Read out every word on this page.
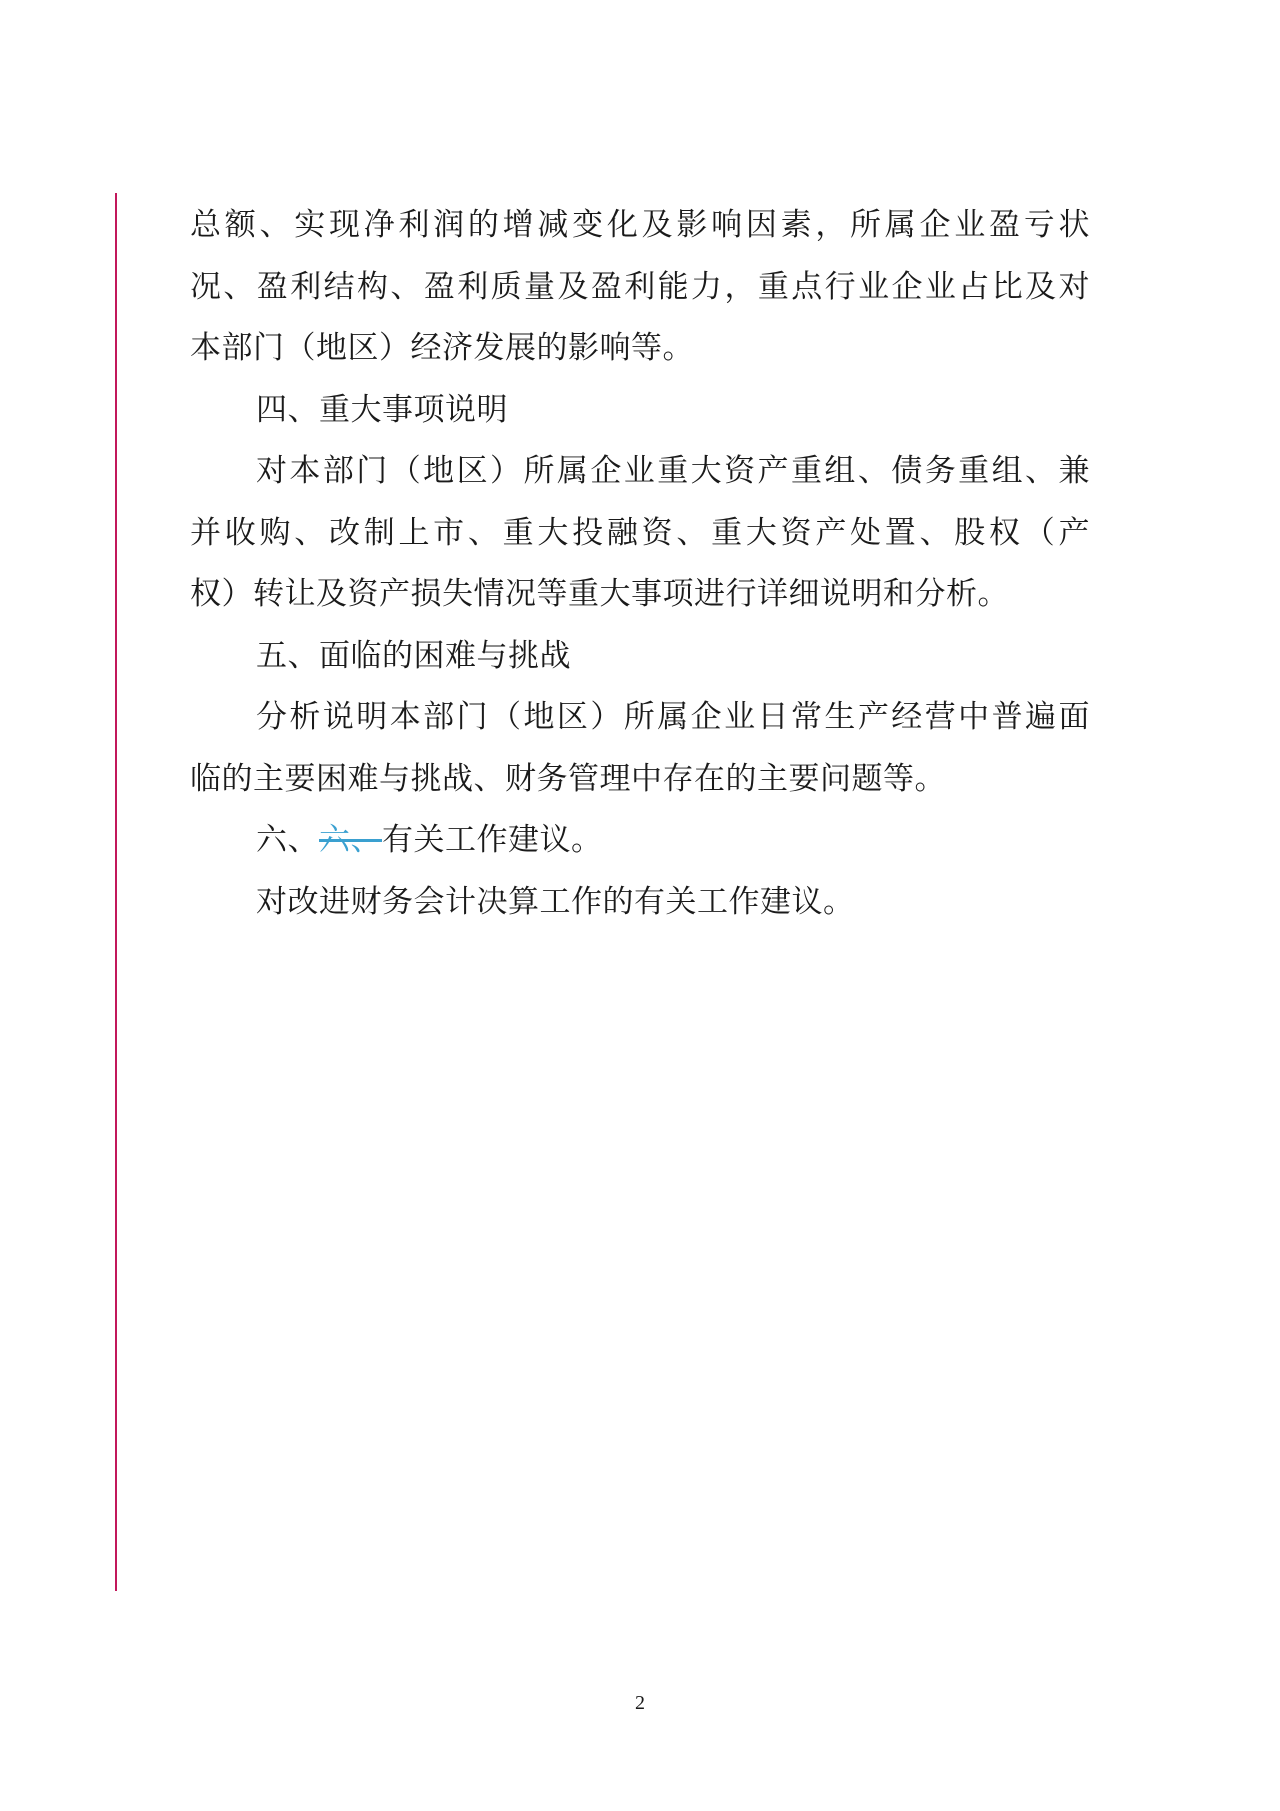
总额、实现净利润的增减变化及影响因素，所属企业盈亏状
况、盈利结构、盈利质量及盈利能力，重点行业企业占比及对
本部门（地区）经济发展的影响等。
四、重大事项说明
对本部门（地区）所属企业重大资产重组、债务重组、兼
并收购、改制上市、重大投融资、重大资产处置、股权（产
权）转让及资产损失情况等重大事项进行详细说明和分析。
五、面临的困难与挑战
分析说明本部门（地区）所属企业日常生产经营中普遍面
临的主要困难与挑战、财务管理中存在的主要问题等。
六、六、有关工作建议。
对改进财务会计决算工作的有关工作建议。
2
